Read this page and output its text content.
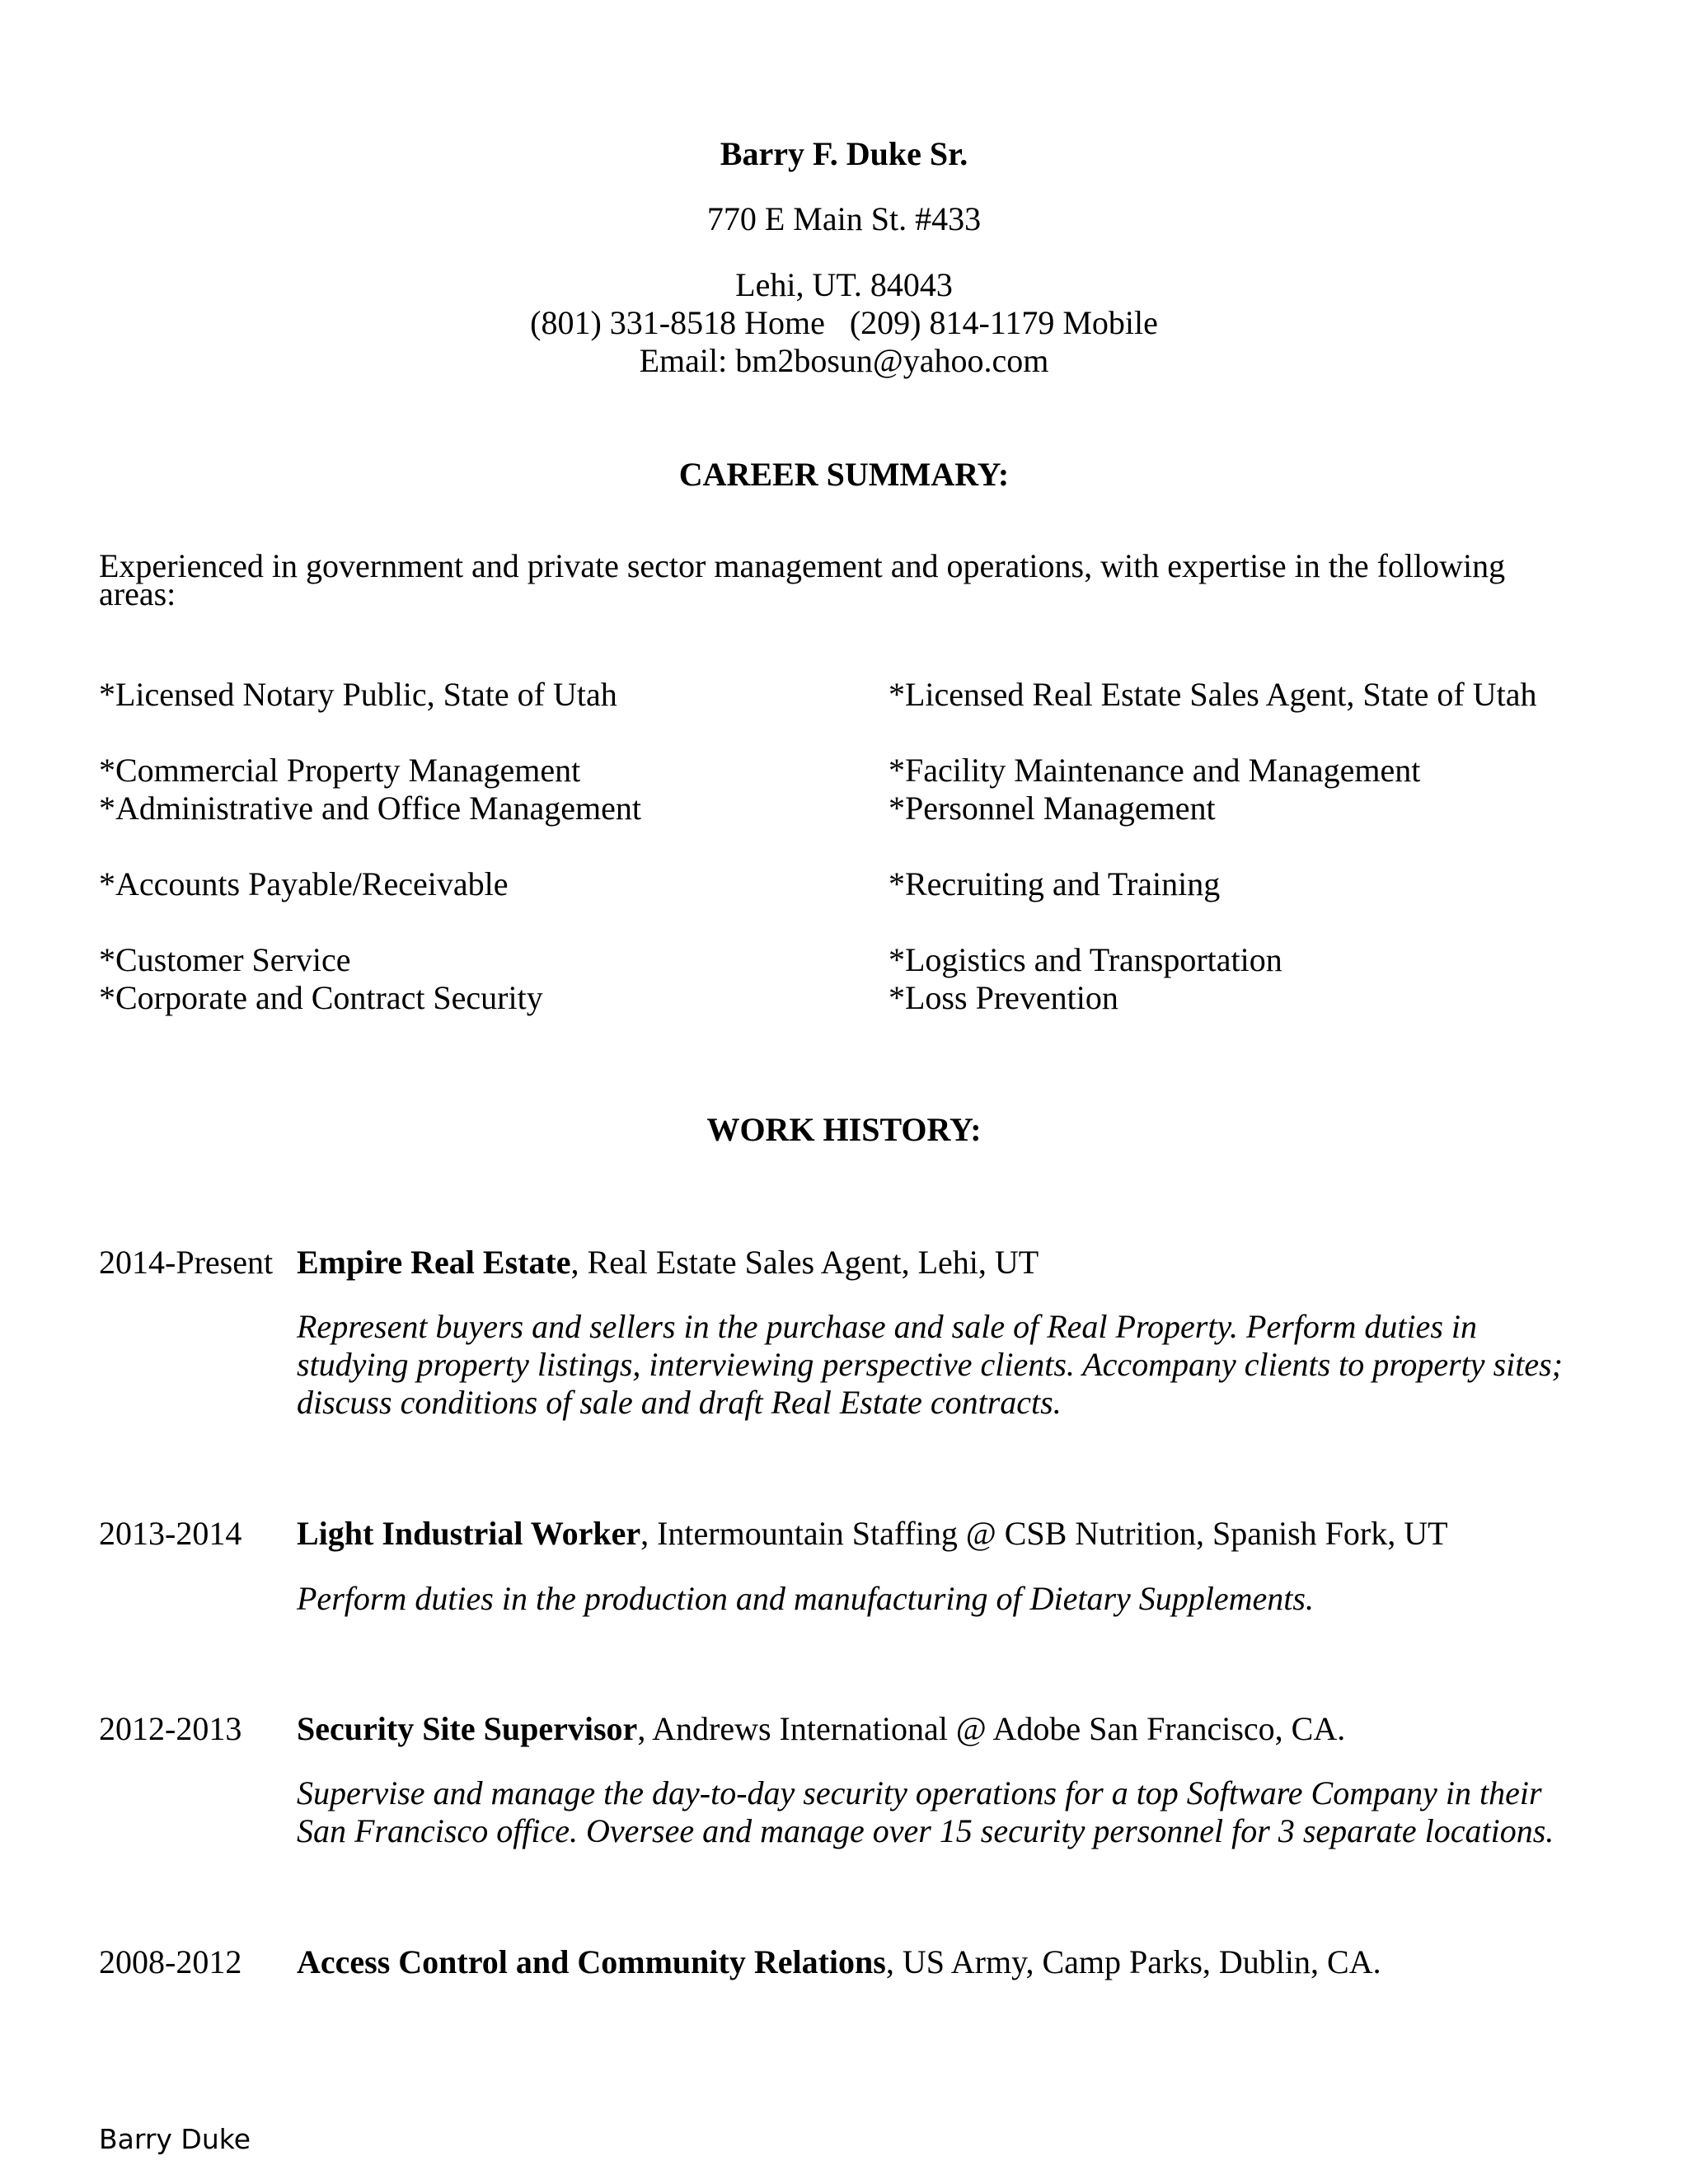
Barry F. Duke Sr.
770 E Main St. #433
Lehi, UT. 84043
(801) 331-8518 Home   (209) 814-1179 Mobile
Email: bm2bosun@yahoo.com
CAREER SUMMARY:
Experienced in government and private sector management and operations, with expertise in the following areas:
*Licensed Notary Public, State of Utah
*Commercial Property Management
*Administrative and Office Management
*Accounts Payable/Receivable
*Customer Service
*Corporate and Contract Security
*Licensed Real Estate Sales Agent, State of Utah
*Facility Maintenance and Management
*Personnel Management
*Recruiting and Training
*Logistics and Transportation
*Loss Prevention
WORK HISTORY:
2014-Present Empire Real Estate, Real Estate Sales Agent, Lehi, UT
Represent buyers and sellers in the purchase and sale of Real Property. Perform duties in studying property listings, interviewing perspective clients. Accompany clients to property sites; discuss conditions of sale and draft Real Estate contracts.
2013-2014 Light Industrial Worker, Intermountain Staffing @ CSB Nutrition, Spanish Fork, UT
Perform duties in the production and manufacturing of Dietary Supplements.
2012-2013 Security Site Supervisor, Andrews International @ Adobe San Francisco, CA.
Supervise and manage the day-to-day security operations for a top Software Company in their San Francisco office. Oversee and manage over 15 security personnel for 3 separate locations.
2008-2012 Access Control and Community Relations, US Army, Camp Parks, Dublin, CA.
Barry Duke
